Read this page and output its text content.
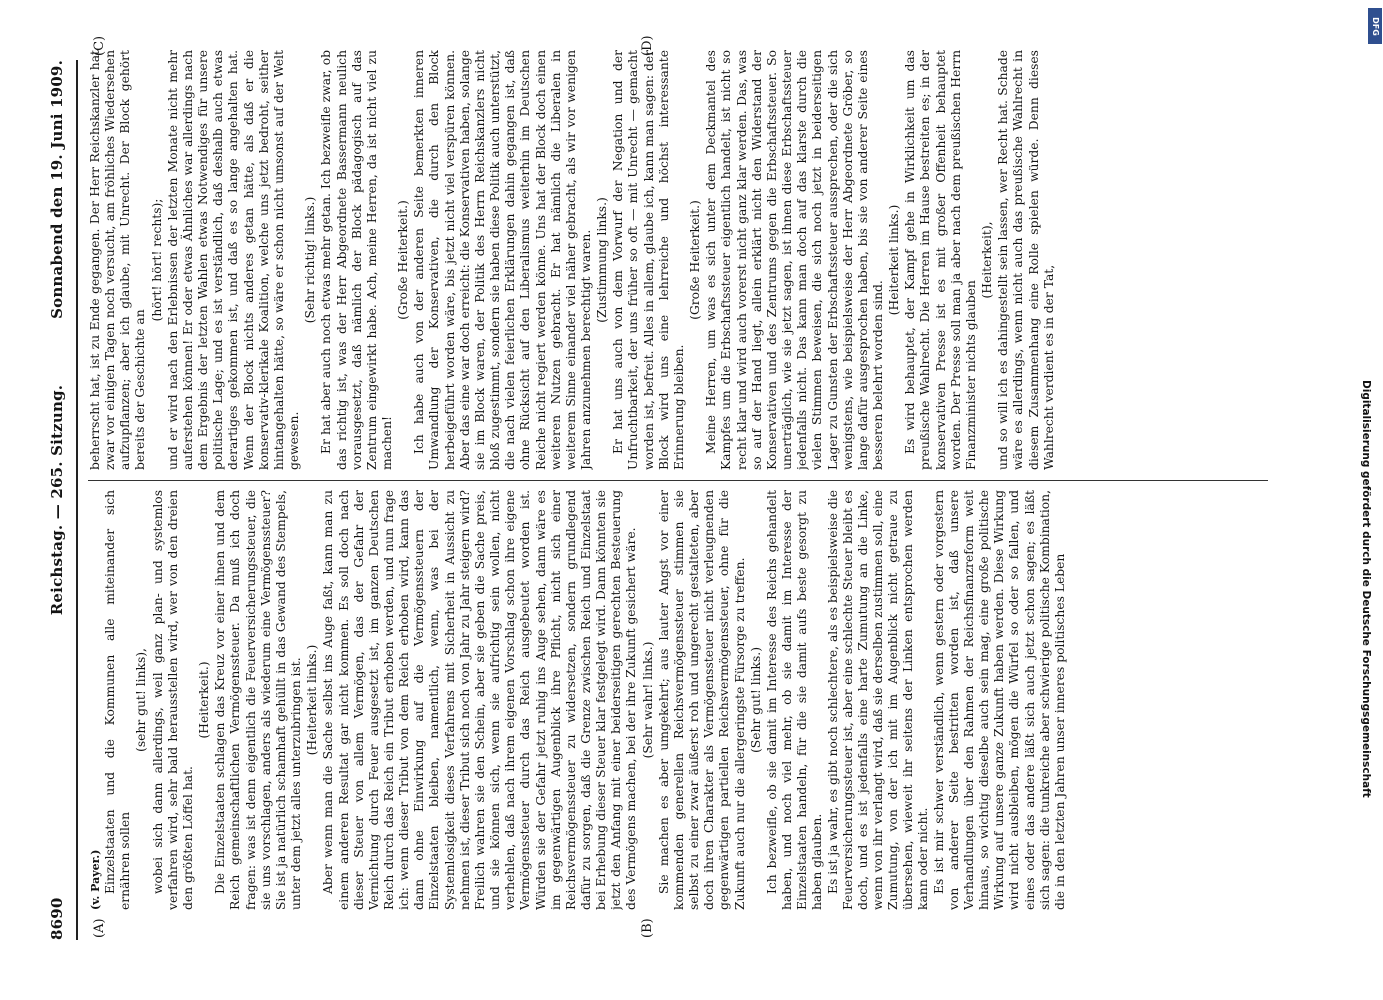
8690
Reichstag. — 265. Sitzung.
Sonnabend den 19. Juni 1909.
(A)	(B)
(C)	(D)

(v. Payer.) Einzelstaaten und die Kommunen alle miteinander sich ernähren sollen

(sehr gut! links), wobei sich dann allerdings, weil ganz plan- und systemlos verfahren wird, sehr bald herausstellen wird, wer von den dreien den größten Löffel hat.

(Heiterkeit.) Die Einzelstaaten schlagen das Kreuz vor einer ihnen und dem Reich gemeinschaftlichen Vermögenssteuer. Da muß ich doch fragen: was ist denn eigentlich die Feuerversicherungssteuer, die sie uns vorschlagen, anders als wiederum eine Vermögenssteuer? Sie ist ja natürlich schamhaft gehüllt in das Gewand des Stempels, unter dem jetzt alles unterzubringen ist. (Heiterkeit links.) Aber wenn man die Sache selbst ins Auge faßt, kann man zu einem anderen Resultat gar nicht kommen. Es soll doch nach dieser Steuer von allem Vermögen, das der Gefahr der Vernichtung durch Feuer ausgesetzt ist, im ganzen Deutschen Reich durch das Reich ein Tribut erhoben werden, und nun frage ich: wenn dieser Tribut von dem Reich erhoben wird, kann das dann ohne Einwirkung auf die Vermögenssteuern der Einzelstaaten bleiben, namentlich, wenn, was bei der Systemlosigkeit dieses Verfahrens mit Sicherheit in Aussicht zu nehmen ist, dieser Tribut sich noch von Jahr zu Jahr steigern wird? Freilich wahren sie den Schein, aber sie geben die Sache preis, und sie können sich, wenn sie aufrichtig sein wollen, nicht verhehlen, daß nach ihrem eigenen Vorschlag schon ihre eigene Vermögenssteuer durch das Reich ausgebeutet worden ist. Würden sie der Gefahr jetzt ruhig ins Auge sehen, dann wäre es im gegenwärtigen Augenblick ihre Pflicht, nicht sich einer Reichsvermögenssteuer zu widersetzen, sondern grundlegend dafür zu sorgen, daß die Grenze zwischen Reich und Einzelstaat bei Erhebung dieser Steuer klar festgelegt wird. Dann könnten sie jetzt den Anfang mit einer beiderseitigen gerechten Besteuerung des Vermögens machen, bei der ihre Zukunft gesichert wäre. (Sehr wahr! links.) Sie machen es aber umgekehrt; aus lauter Angst vor einer kommenden generellen Reichsvermögenssteuer stimmen sie selbst zu einer zwar äußerst roh und ungerecht gestalteten, aber doch ihren Charakter als Vermögenssteuer nicht verleugnenden gegenwärtigen partiellen Reichsvermögenssteuer, ohne für die Zukunft auch nur die allergeringste Fürsorge zu treffen. (Sehr gut! links.) Ich bezweifle, ob sie damit im Interesse des Reichs gehandelt haben, und noch viel mehr, ob sie damit im Interesse der Einzelstaaten handeln, für die sie damit aufs beste gesorgt zu haben glauben. Es ist ja wahr, es gibt noch schlechtere, als es beispielsweise die Feuerversicherungssteuer ist, aber eine schlechte Steuer bleibt es doch, und es ist jedenfalls eine harte Zumutung an die Linke, wenn von ihr verlangt wird, daß sie derselben zustimmen soll, eine Zumutung, von der ich mit im Augenblick nicht getraue zu übersehen, wieweit ihr seitens der Linken entsprochen werden kann oder nicht. Es ist mir schwer verständlich, wenn gestern oder vorgestern von anderer Seite bestritten worden ist, daß unsere Verhandlungen über den Rahmen der Reichsfinanzreform weit hinaus, so wichtig dieselbe auch sein mag, eine große politische Wirkung auf unsere ganze Zukunft haben werden. Diese Wirkung wird nicht ausbleiben, mögen die Würfel so oder so fallen, und eines oder das andere läßt sich auch jetzt schon sagen; es läßt sich sagen: die tunkreiche aber schwierige politische Kombination, die in den letzten Jahren unser inneres politisches Leben

beherrscht hat, ist zu Ende gegangen. Der Herr Reichskanzler hat zwar vor einigen Tagen noch versucht, am fröhliches Wiedersehen aufzupflanzen; aber ich glaube, mit Unrecht. Der Block gehört bereits der Geschichte an

(hört! hört! rechts); und er wird nach den Erlebnissen der letzten Monate nicht mehr auferstehen können! Er oder etwas Ähnliches war allerdings nach dem Ergebnis der letzten Wahlen etwas Notwendiges für unsere politische Lage; und es ist verständlich, daß deshalb auch etwas derartiges gekommen ist, und daß es so lange angehalten hat. Wenn der Block nichts anderes getan hätte, als daß er die konservativ-klerikale Koalition, welche uns jetzt bedroht, seither hintangehalten hätte, so wäre er schon nicht umsonst auf der Welt gewesen.

(Sehr richtig! links.) Er hat aber auch noch etwas mehr getan. Ich bezweifle zwar, ob das richtig ist, was der Herr Abgeordnete Bassermann neulich vorausgesetzt, daß nämlich der Block pädagogisch auf das Zentrum eingewirkt habe. Ach, meine Herren, da ist nicht viel zu machen!

(Große Heiterkeit.) Ich habe auch von der anderen Seite bemerkten inneren Umwandlung der Konservativen, die durch den Block herbeigeführt worden wäre, bis jetzt nicht viel verspüren können. Aber das eine war doch erreicht: die Konservativen haben, solange sie im Block waren, der Politik des Herrn Reichskanzlers nicht bloß zugestimmt, sondern sie haben diese Politik auch unterstützt, die nach vielen feierlichen Erklärungen dahin gegangen ist, daß ohne Rücksicht auf den Liberalismus weiterhin im Deutschen Reiche nicht regiert werden könne. Uns hat der Block doch einen weiteren Nutzen gebracht. Er hat nämlich die Liberalen in weiterem Sinne einander viel näher gebracht, als wir vor wenigen Jahren anzunehmen berechtigt waren. (Zustimmung links.) Er hat uns auch von dem Vorwurf der Negation und der Unfruchtbarkeit, der uns früher so oft — mit Unrecht — gemacht worden ist, befreit. Alles in allem, glaube ich, kann man sagen: der Block wird uns eine lehrreiche und höchst interessante Erinnerung bleiben.

(Große Heiterkeit.) Meine Herren, um was es sich unter dem Deckmantel des Kampfes um die Erbschaftssteuer eigentlich handelt, ist nicht so recht klar und wird auch vorerst nicht ganz klar werden. Das, was so auf der Hand liegt, allein erklärt nicht den Widerstand der Konservativen und des Zentrums gegen die Erbschaftssteuer. So unerträglich, wie sie jetzt sagen, ist ihnen diese Erbschaftssteuer jedenfalls nicht. Das kann man doch auf das klarste durch die vielen Stimmen beweisen, die sich noch jetzt in beiderseitigen Lager zu Gunsten der Erbschaftssteuer aussprechen, oder die sich wenigstens, wie beispielsweise der Herr Abgeordnete Gröber, so lange dafür ausgesprochen haben, bis sie von anderer Seite eines besseren belehrt worden sind.

(Heiterkeit links.) Es wird behauptet, der Kampf gehe in Wirklichkeit um das preußische Wahlrecht. Die Herren im Hause bestreiten es; in der konservativen Presse ist es mit großer Offenheit behauptet worden. Der Presse soll man ja aber nach dem preußischen Herrn Finanzminister nichts glauben

(Heiterkeit), und so will ich es dahingestellt sein lassen, wer Recht hat. Schade wäre es allerdings, wenn nicht auch das preußische Wahlrecht in diesem Zusammenhang eine Rolle spielen würde. Denn dieses Wahlrecht verdient es in der Tat,

DFG
Digitalisierung gefördert durch die Deutsche Forschungsgemeinschaft
